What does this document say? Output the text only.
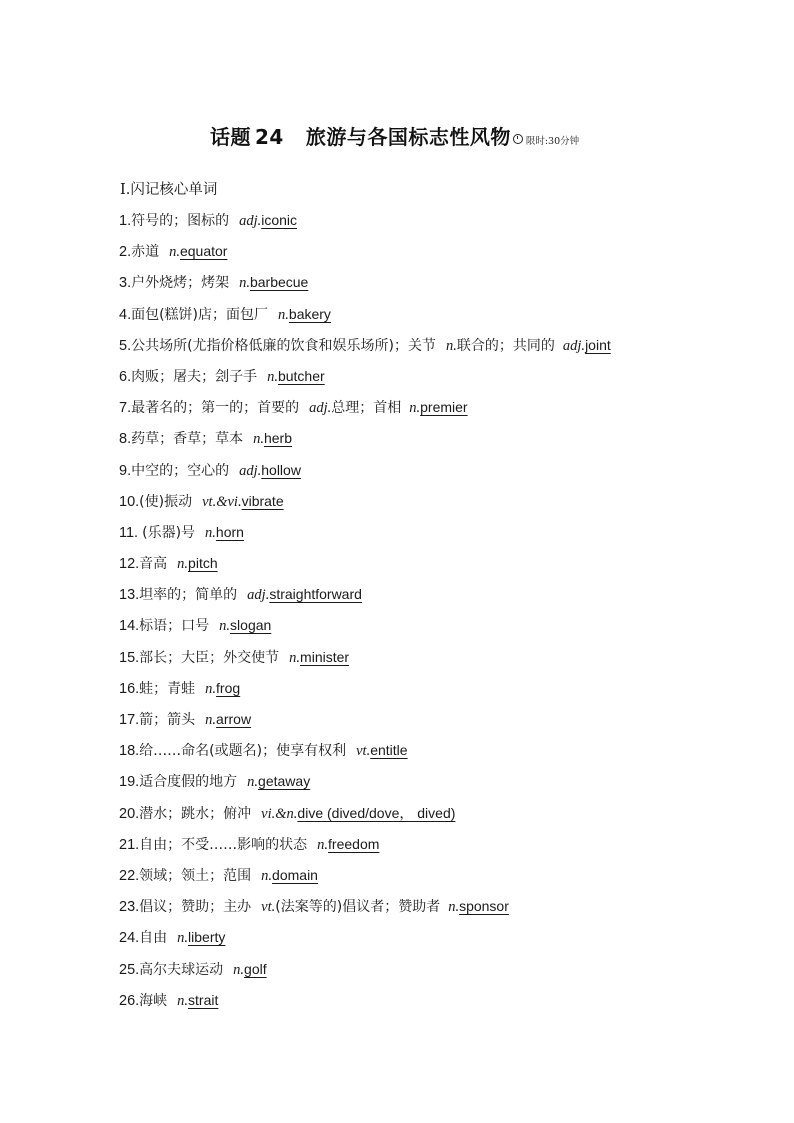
话题 24 旅游与各国标志性风物 限时:30分钟
Ⅰ.闪记核心单词
1.符号的；图标的 adj.iconic
2.赤道 n.equator
3.户外烧烤；烤架 n.barbecue
4.面包(糕饼)店；面包厂 n.bakery
5.公共场所(尤指价格低廉的饮食和娱乐场所)；关节 n.联合的；共同的 adj.joint
6.肉贩；屠夫；刽子手 n.butcher
7.最著名的；第一的；首要的 adj.总理；首相 n.premier
8.药草；香草；草本 n.herb
9.中空的；空心的 adj.hollow
10.(使)振动 vt.&vi.vibrate
11. (乐器)号 n.horn
12.音高 n.pitch
13.坦率的；简单的 adj.straightforward
14.标语；口号 n.slogan
15.部长；大臣；外交使节 n.minister
16.蛙；青蛙 n.frog
17.箭；箭头 n.arrow
18.给……命名(或题名)；使享有权利 vt.entitle
19.适合度假的地方 n.getaway
20.潜水；跳水；俯冲 vi.&n.dive (dived/dove， dived)
21.自由；不受……影响的状态 n.freedom
22.领域；领土；范围 n.domain
23.倡议；赞助；主办 vt.(法案等的)倡议者；赞助者 n.sponsor
24.自由 n.liberty
25.高尔夫球运动 n.golf
26.海峡 n.strait
